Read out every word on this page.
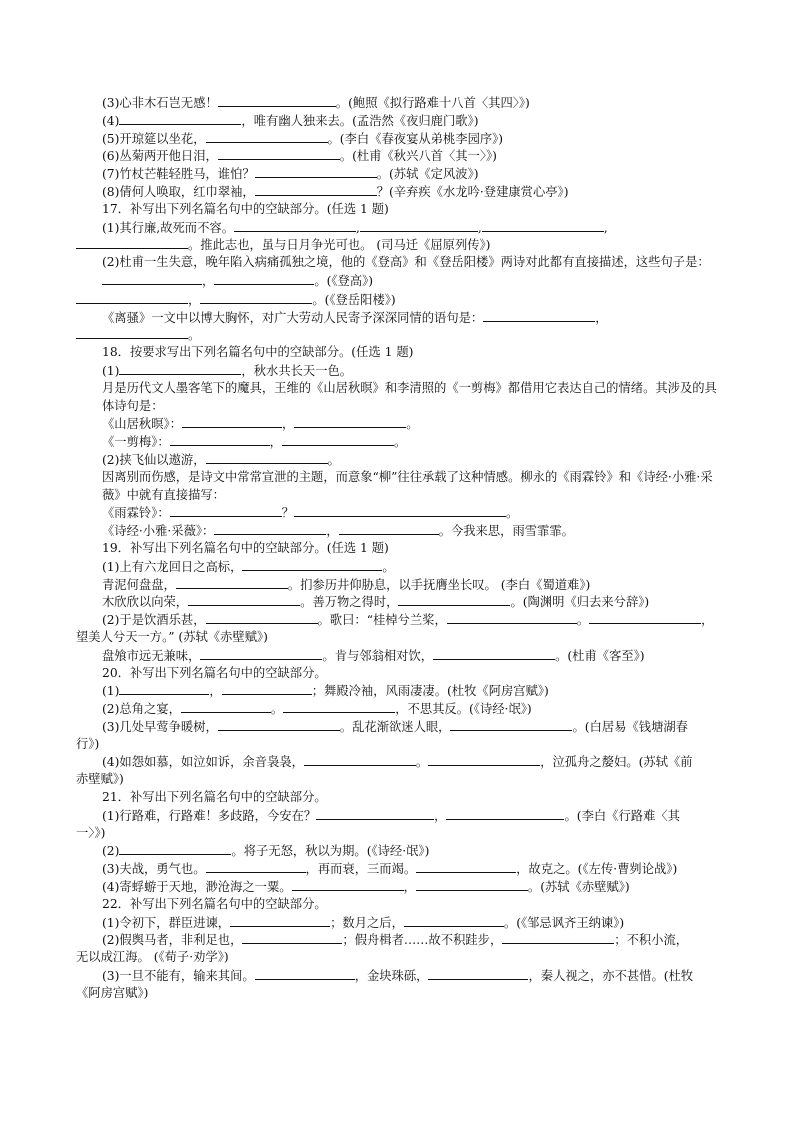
(3)心非木石岂无感！	。(鲍照《拟行路难十八首〈其四〉》)
(4)	，唯有幽人独来去。(孟浩然《夜归鹿门歌》)
(5)开琼筵以坐花，	。(李白《春夜宴从弟桃李园序》)
(6)丛菊两开他日泪，	。(杜甫《秋兴八首〈其一〉》)
(7)竹杖芒鞋轻胜马，谁怕？	。(苏轼《定风波》)
(8)倩何人唤取，红巾翠袖，	？(辛弃疾《水龙吟·登建康赏心亭》)
17．补写出下列名篇名句中的空缺部分。(任选 1 题)
(1)其行廉,故死而不容。	,	,	,
。推此志也，虽与日月争光可也。 (司马迁《屈原列传》)
(2)杜甫一生失意，晚年陷入病痛孤独之境，他的《登高》和《登岳阳楼》两诗对此都有直接描述，这些句子是：，	。(《登高》)
，	。(《登岳阳楼》)
《离骚》一文中以博大胸怀，对广大劳动人民寄予深深同情的语句是：	，
。
18．按要求写出下列名篇名句中的空缺部分。(任选 1 题)
(1)	，秋水共长天一色。
月是历代文人墨客笔下的魔具，王维的《山居秋暝》和李清照的《一剪梅》都借用它表达自己的情绪。其涉及的具体诗句是：
《山居秋暝》：	，	。
《一剪梅》：	，	。
(2)挟飞仙以遨游，	。
因离别而伤感，是诗文中常常宣泄的主题，而意象“柳”往往承载了这种情感。柳永的《雨霖铃》和《诗经·小雅·采薇》中就有直接描写：
《雨霖铃》：	？	。
《诗经·小雅·采薇》：	，	。今我来思，雨雪霏霏。
19．补写出下列名篇名句中的空缺部分。(任选 1 题)
(1)上有六龙回日之高标，	。
青泥何盘盘，	。扪参历井仰胁息，以手抚膺坐长叹。 (李白《蜀道难》)
木欣欣以向荣，	。善万物之得时，	。(陶渊明《归去来兮辞》)
(2)于是饮酒乐甚，	。歌曰：“桂棹兮兰桨，	。	，
望美人兮天一方。” (苏轼《赤壁赋》)
盘飧市远无兼味，	。肯与邻翁相对饮，	。(杜甫《客至》)
20．补写出下列名篇名句中的空缺部分。
(1)	，	；舞殿冷袖，风雨凄凄。(杜牧《阿房宫赋》)
(2)总角之宴，	。	，不思其反。(《诗经·氓》)
(3)几处早莺争暖树，	。乱花渐欲迷人眼，	。(白居易《钱塘湖春
行》)
(4)如怨如慕，如泣如诉，余音袅袅，	。	，泣孤舟之嫠妇。(苏轼《前
赤壁赋》)
21．补写出下列名篇名句中的空缺部分。
(1)行路难，行路难！多歧路，今安在？	，	。(李白《行路难〈其
一〉》)
(2)	。将子无怒，秋以为期。(《诗经·氓》)
(3)夫战，勇气也。	，再而衰，三而竭。	，故克之。(《左传·曹刿论战》)
(4)寄蜉蝣于天地，渺沧海之一粟。	，	。(苏轼《赤壁赋》)
22．补写出下列名篇名句中的空缺部分。
(1)令初下，群臣进谏，	；数月之后，	。(《邹忌讽齐王纳谏》)
(2)假舆马者，非利足也，	；假舟楫者……故不积跬步，	；不积小流，
无以成江海。 (《荀子·劝学》)
(3)一旦不能有，输来其间。	，金块珠砾，	，秦人视之，亦不甚惜。(杜牧
《阿房宫赋》)
